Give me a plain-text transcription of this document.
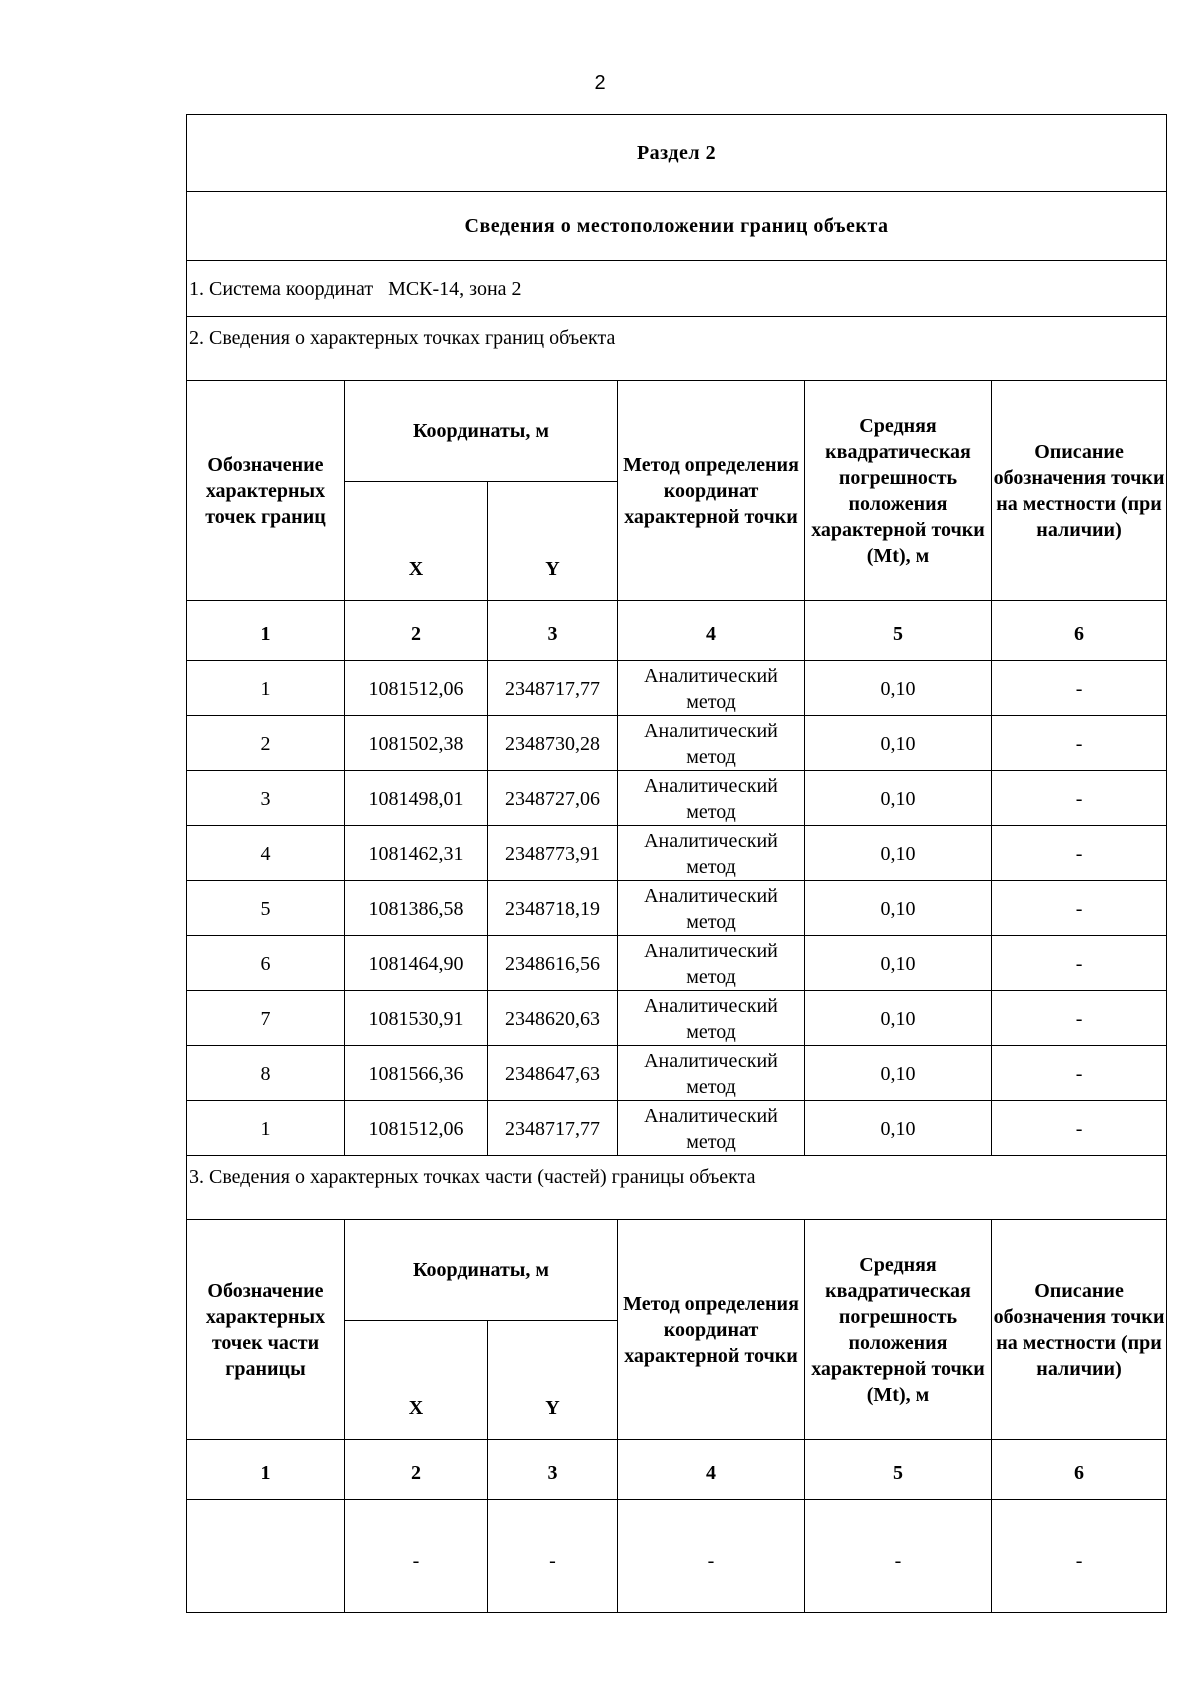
2
Раздел 2					
Сведения о местоположении границ объекта					
1. Система координат МСК-14, зона 2					
2. Сведения о характерных точках границ объекта					
Обозначение характерных точек границ	Координаты, м		Метод определения координат характерной точки	Средняя квадратическая погрешность положения характерной точки (Mt), м	Описание обозначения точки на местности (при наличии)
	X	Y			
1	2	3	4	5	6
1	1081512,06	2348717,77	Аналитический метод	0,10	-
2	1081502,38	2348730,28	Аналитический метод	0,10	-
3	1081498,01	2348727,06	Аналитический метод	0,10	-
4	1081462,31	2348773,91	Аналитический метод	0,10	-
5	1081386,58	2348718,19	Аналитический метод	0,10	-
6	1081464,90	2348616,56	Аналитический метод	0,10	-
7	1081530,91	2348620,63	Аналитический метод	0,10	-
8	1081566,36	2348647,63	Аналитический метод	0,10	-
1	1081512,06	2348717,77	Аналитический метод	0,10	-
3. Сведения о характерных точках части (частей) границы объекта					
Обозначение характерных точек части границы	Координаты, м		Метод определения координат характерной точки	Средняя квадратическая погрешность положения характерной точки (Mt), м	Описание обозначения точки на местности (при наличии)
	X	Y			
1	2	3	4	5	6
	-	-	-	-	-
